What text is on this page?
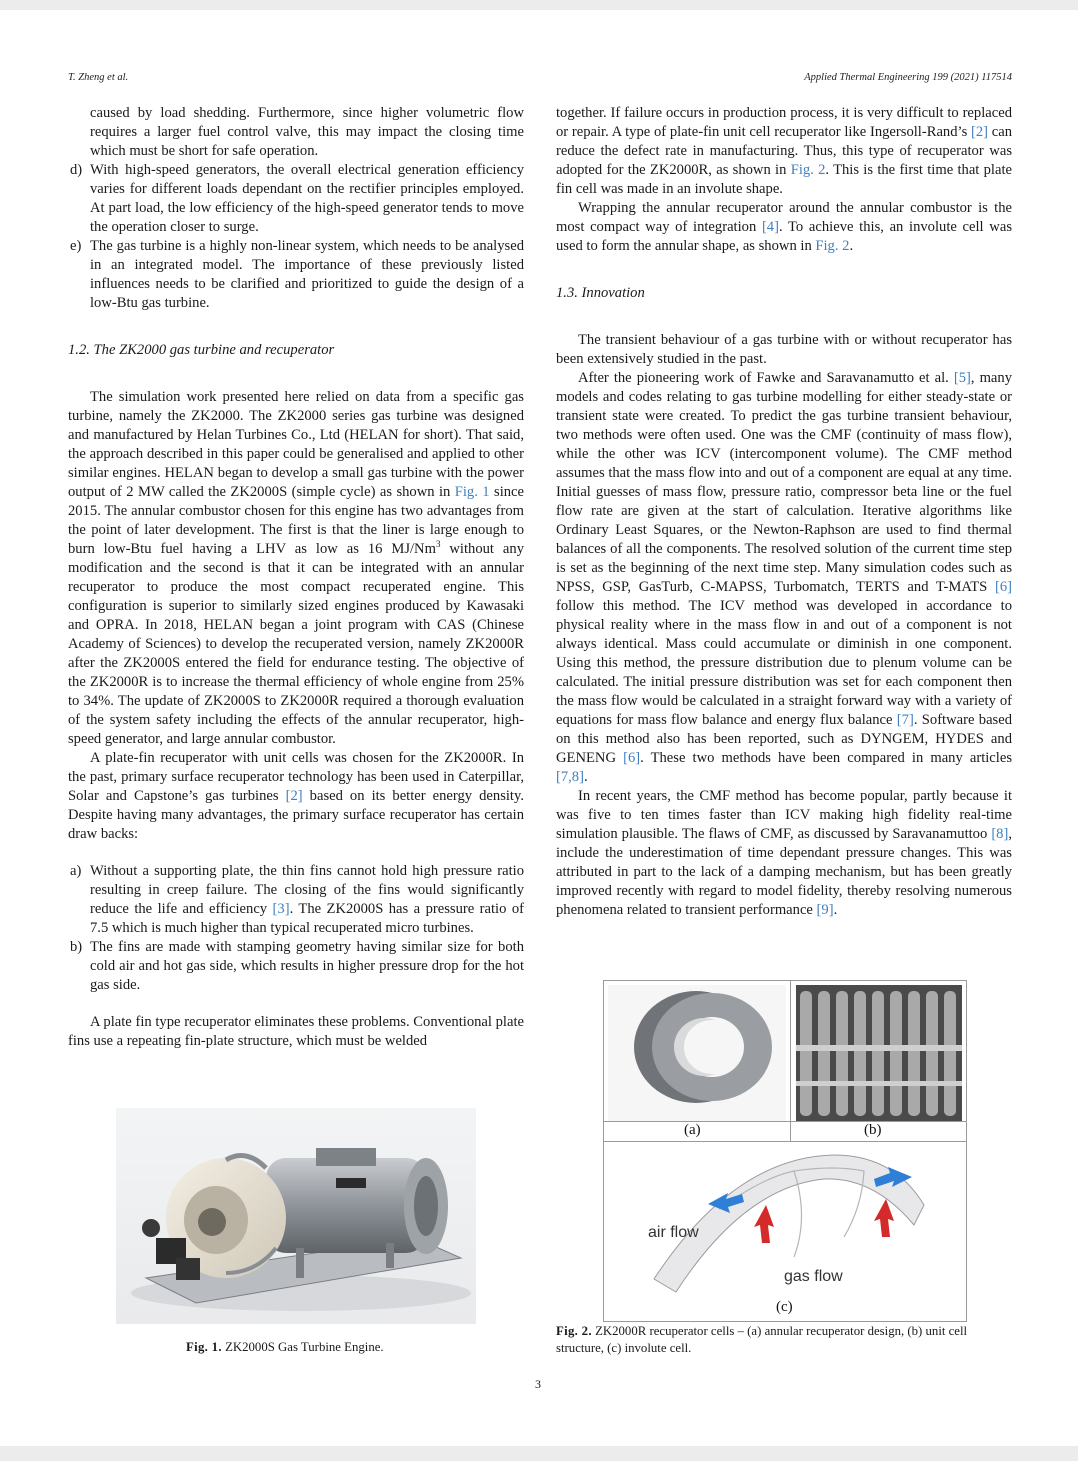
T. Zheng et al.	Applied Thermal Engineering 199 (2021) 117514
caused by load shedding. Furthermore, since higher volumetric flow requires a larger fuel control valve, this may impact the closing time which must be short for safe operation.
d) With high-speed generators, the overall electrical generation efficiency varies for different loads dependant on the rectifier principles employed. At part load, the low efficiency of the high-speed generator tends to move the operation closer to surge.
e) The gas turbine is a highly non-linear system, which needs to be analysed in an integrated model. The importance of these previously listed influences needs to be clarified and prioritized to guide the design of a low-Btu gas turbine.

1.2. The ZK2000 gas turbine and recuperator

The simulation work presented here relied on data from a specific gas turbine, namely the ZK2000. The ZK2000 series gas turbine was designed and manufactured by Helan Turbines Co., Ltd (HELAN for short). That said, the approach described in this paper could be generalised and applied to other similar engines. HELAN began to develop a small gas turbine with the power output of 2 MW called the ZK2000S (simple cycle) as shown in Fig. 1 since 2015. The annular combustor chosen for this engine has two advantages from the point of later development. The first is that the liner is large enough to burn low-Btu fuel having a LHV as low as 16 MJ/Nm$^3$ without any modification and the second is that it can be integrated with an annular recuperator to produce the most compact recuperated engine. This configuration is superior to similarly sized engines produced by Kawasaki and OPRA. In 2018, HELAN began a joint program with CAS (Chinese Academy of Sciences) to develop the recuperated version, namely ZK2000R after the ZK2000S entered the field for endurance testing. The objective of the ZK2000R is to increase the thermal efficiency of whole engine from 25% to 34%. The update of ZK2000S to ZK2000R required a thorough evaluation of the system safety including the effects of the annular recuperator, high-speed generator, and large annular combustor.

A plate-fin recuperator with unit cells was chosen for the ZK2000R. In the past, primary surface recuperator technology has been used in Caterpillar, Solar and Capstone’s gas turbines [2] based on its better energy density. Despite having many advantages, the primary surface recuperator has certain draw backs:

a) Without a supporting plate, the thin fins cannot hold high pressure ratio resulting in creep failure. The closing of the fins would significantly reduce the life and efficiency [3]. The ZK2000S has a pressure ratio of 7.5 which is much higher than typical recuperated micro turbines.
b) The fins are made with stamping geometry having similar size for both cold air and hot gas side, which results in higher pressure drop for the hot gas side.

A plate fin type recuperator eliminates these problems. Conventional plate fins use a repeating fin-plate structure, which must be welded

together. If failure occurs in production process, it is very difficult to replaced or repair. A type of plate-fin unit cell recuperator like Ingersoll-Rand’s [2] can reduce the defect rate in manufacturing. Thus, this type of recuperator was adopted for the ZK2000R, as shown in Fig. 2. This is the first time that plate fin cell was made in an involute shape.

Wrapping the annular recuperator around the annular combustor is the most compact way of integration [4]. To achieve this, an involute cell was used to form the annular shape, as shown in Fig. 2.

1.3. Innovation

The transient behaviour of a gas turbine with or without recuperator has been extensively studied in the past.

After the pioneering work of Fawke and Saravanamutto et al. [5], many models and codes relating to gas turbine modelling for either steady-state or transient state were created. To predict the gas turbine transient behaviour, two methods were often used. One was the CMF (continuity of mass flow), while the other was ICV (intercomponent volume). The CMF method assumes that the mass flow into and out of a component are equal at any time. Initial guesses of mass flow, pressure ratio, compressor beta line or the fuel flow rate are given at the start of calculation. Iterative algorithms like Ordinary Least Squares, or the Newton-Raphson are used to find thermal balances of all the components. The resolved solution of the current time step is set as the beginning of the next time step. Many simulation codes such as NPSS, GSP, GasTurb, C-MAPSS, Turbomatch, TERTS and T-MATS [6] follow this method. The ICV method was developed in accordance to physical reality where in the mass flow in and out of a component is not always identical. Mass could accumulate or diminish in one component. Using this method, the pressure distribution due to plenum volume can be calculated. The initial pressure distribution was set for each component then the mass flow would be calculated in a straight forward way with a variety of equations for mass flow balance and energy flux balance [7]. Software based on this method also has been reported, such as DYNGEM, HYDES and GENENG [6]. These two methods have been compared in many articles [7,8].

In recent years, the CMF method has become popular, partly because it was five to ten times faster than ICV making high fidelity real-time simulation plausible. The flaws of CMF, as discussed by Saravanamuttoo [8], include the underestimation of time dependant pressure changes. This was attributed in part to the lack of a damping mechanism, but has been greatly improved recently with regard to model fidelity, thereby resolving numerous phenomena related to transient performance [9].

Fig. 1. ZK2000S Gas Turbine Engine.
(a)	(b)
air flow
gas flow
(c)
Fig. 2. ZK2000R recuperator cells – (a) annular recuperator design, (b) unit cell structure, (c) involute cell.
3
